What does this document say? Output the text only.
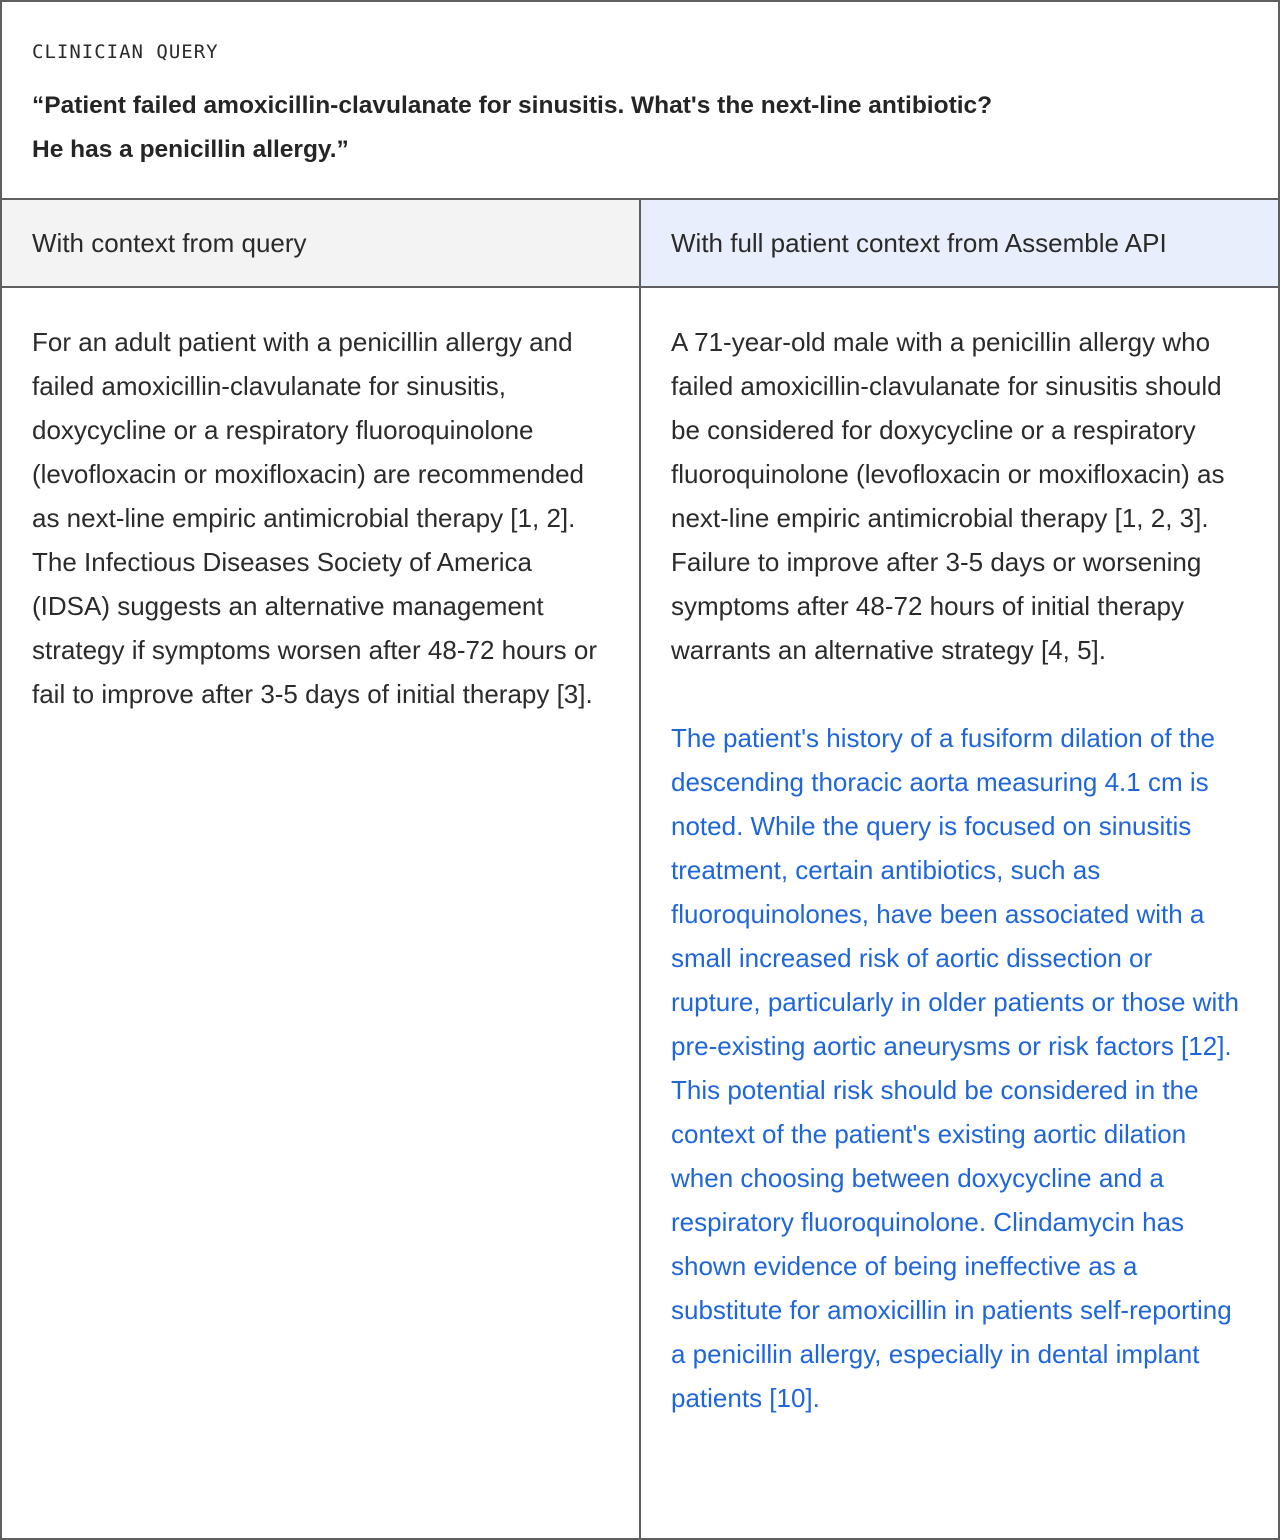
CLINICIAN QUERY
“Patient failed amoxicillin-clavulanate for sinusitis. What's the next-line antibiotic?
He has a penicillin allergy.”
With context from query

For an adult patient with a penicillin allergy and failed amoxicillin-clavulanate for sinusitis, doxycycline or a respiratory fluoroquinolone (levofloxacin or moxifloxacin) are recommended as next-line empiric antimicrobial therapy [1, 2]. The Infectious Diseases Society of America (IDSA) suggests an alternative management strategy if symptoms worsen after 48-72 hours or fail to improve after 3-5 days of initial therapy [3].

With full patient context from Assemble API

A 71-year-old male with a penicillin allergy who failed amoxicillin-clavulanate for sinusitis should be considered for doxycycline or a respiratory fluoroquinolone (levofloxacin or moxifloxacin) as next-line empiric antimicrobial therapy [1, 2, 3]. Failure to improve after 3-5 days or worsening symptoms after 48-72 hours of initial therapy warrants an alternative strategy [4, 5].

The patient's history of a fusiform dilation of the descending thoracic aorta measuring 4.1 cm is noted. While the query is focused on sinusitis treatment, certain antibiotics, such as fluoroquinolones, have been associated with a small increased risk of aortic dissection or rupture, particularly in older patients or those with pre-existing aortic aneurysms or risk factors [12]. This potential risk should be considered in the context of the patient's existing aortic dilation when choosing between doxycycline and a respiratory fluoroquinolone. Clindamycin has shown evidence of being ineffective as a substitute for amoxicillin in patients self-reporting a penicillin allergy, especially in dental implant patients [10].
